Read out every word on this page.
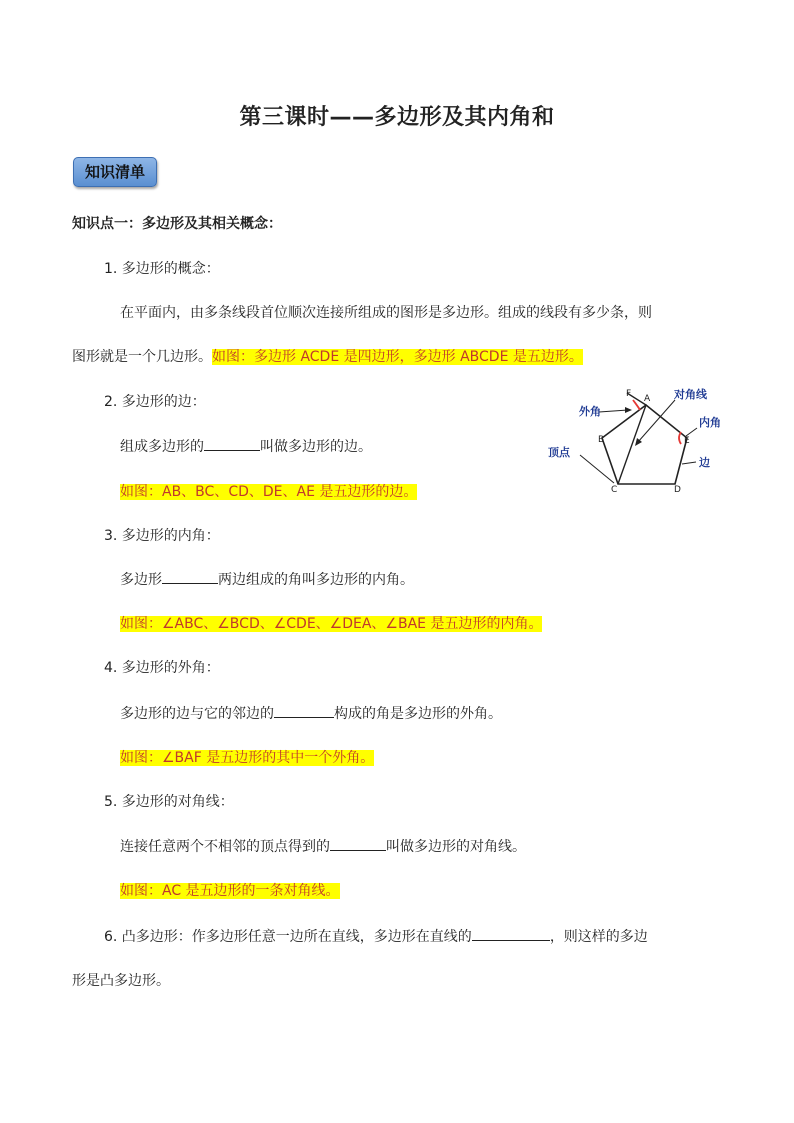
第三课时——多边形及其内角和
知识清单
知识点一：多边形及其相关概念：
1. 多边形的概念：
在平面内，由多条线段首位顺次连接所组成的图形是多边形。组成的线段有多少条，则
图形就是一个几边形。如图：多边形 ACDE 是四边形，多边形 ABCDE 是五边形。
2. 多边形的边：
组成多边形的	叫做多边形的边。
如图：AB、BC、CD、DE、AE 是五边形的边。
3. 多边形的内角：
多边形	两边组成的角叫多边形的内角。
如图：∠ABC、∠BCD、∠CDE、∠DEA、∠BAE 是五边形的内角。
4. 多边形的外角：
多边形的边与它的邻边的	构成的角是多边形的外角。
如图：∠BAF 是五边形的其中一个外角。
5. 多边形的对角线：
连接任意两个不相邻的顶点得到的	叫做多边形的对角线。
如图：AC 是五边形的一条对角线。
6. 凸多边形：作多边形任意一边所在直线，多边形在直线的	，则这样的多边
形是凸多边形。
F A
B
C	D
E
外角
对角线
内角
顶点
边
